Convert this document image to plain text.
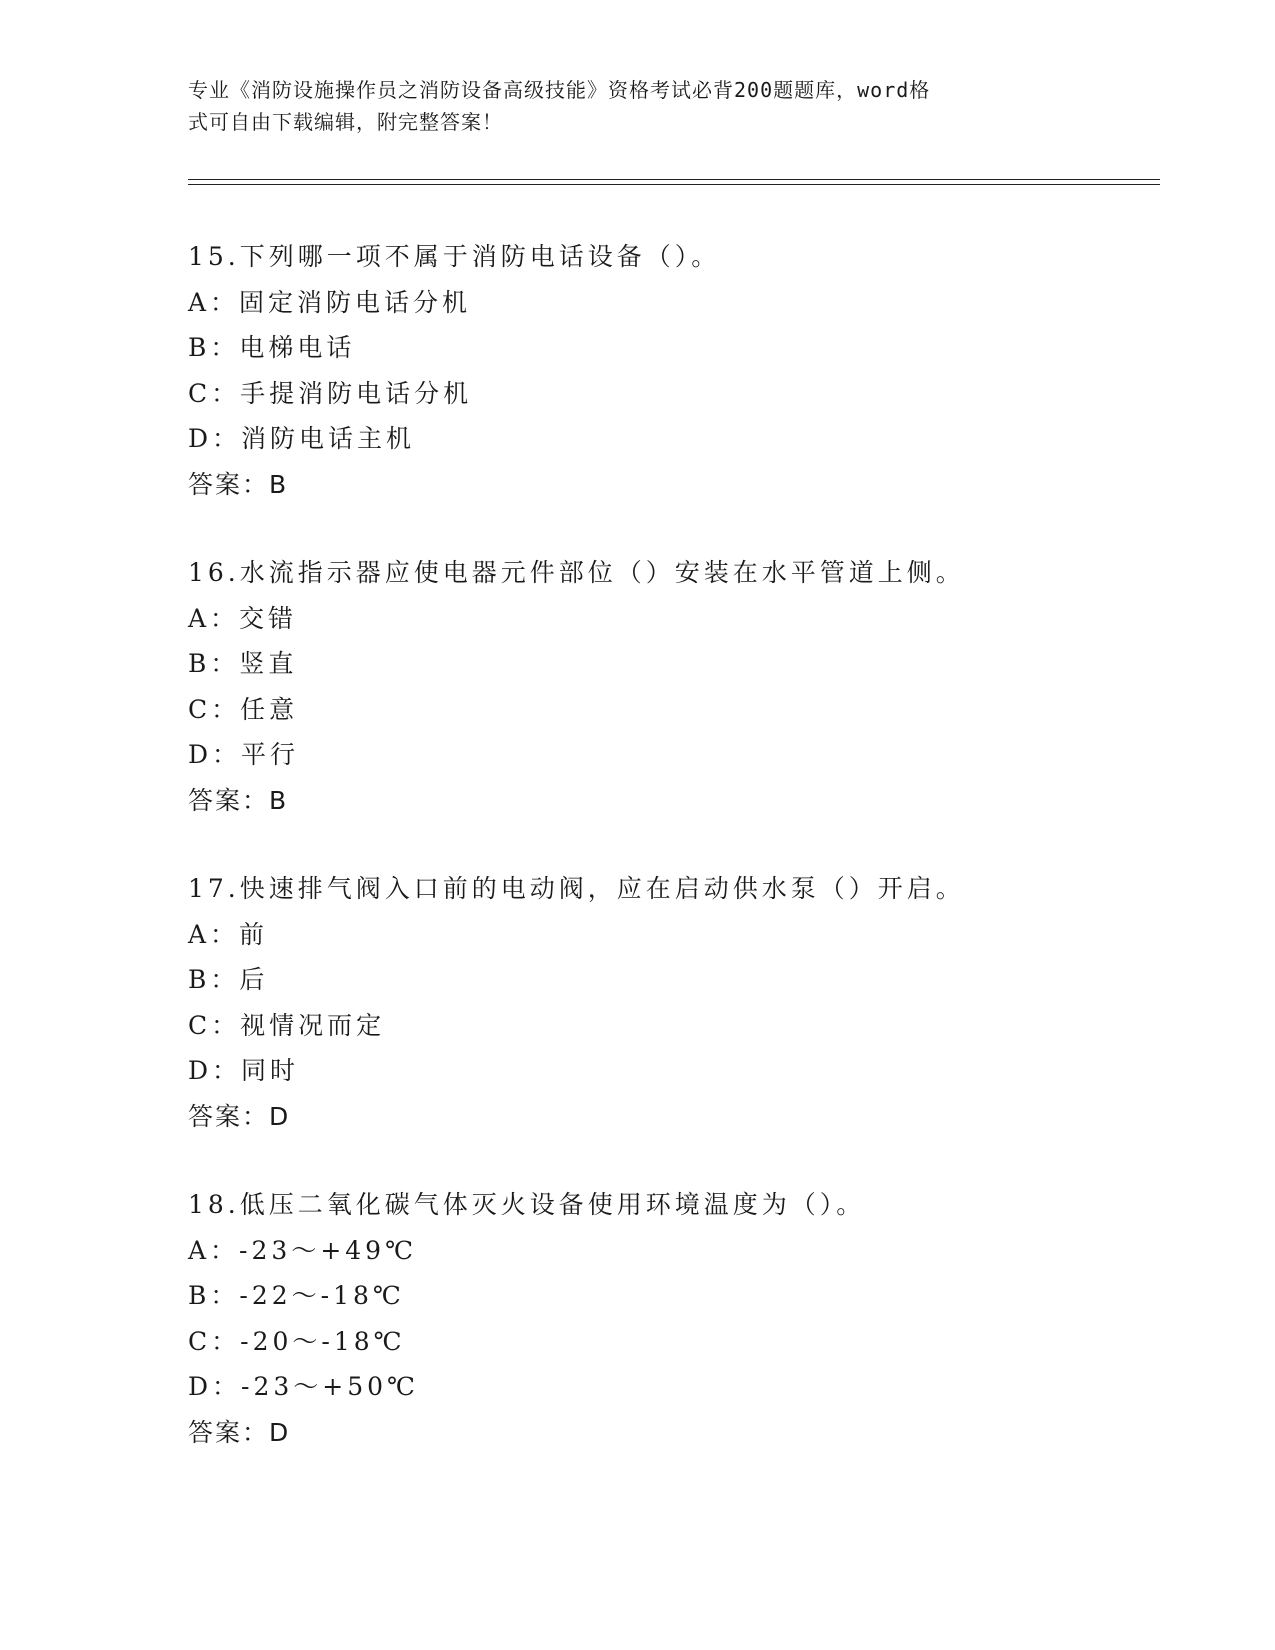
专业《消防设施操作员之消防设备高级技能》资格考试必背200题题库，word格
式可自由下载编辑，附完整答案！
15.下列哪一项不属于消防电话设备（）。
A：固定消防电话分机
B：电梯电话
C：手提消防电话分机
D：消防电话主机
答案：B
16.水流指示器应使电器元件部位（）安装在水平管道上侧。
A：交错
B：竖直
C：任意
D：平行
答案：B
17.快速排气阀入口前的电动阀，应在启动供水泵（）开启。
A：前
B：后
C：视情况而定
D：同时
答案：D
18.低压二氧化碳气体灭火设备使用环境温度为（）。
A：-23～+49℃
B：-22～-18℃
C：-20～-18℃
D：-23～+50℃
答案：D
